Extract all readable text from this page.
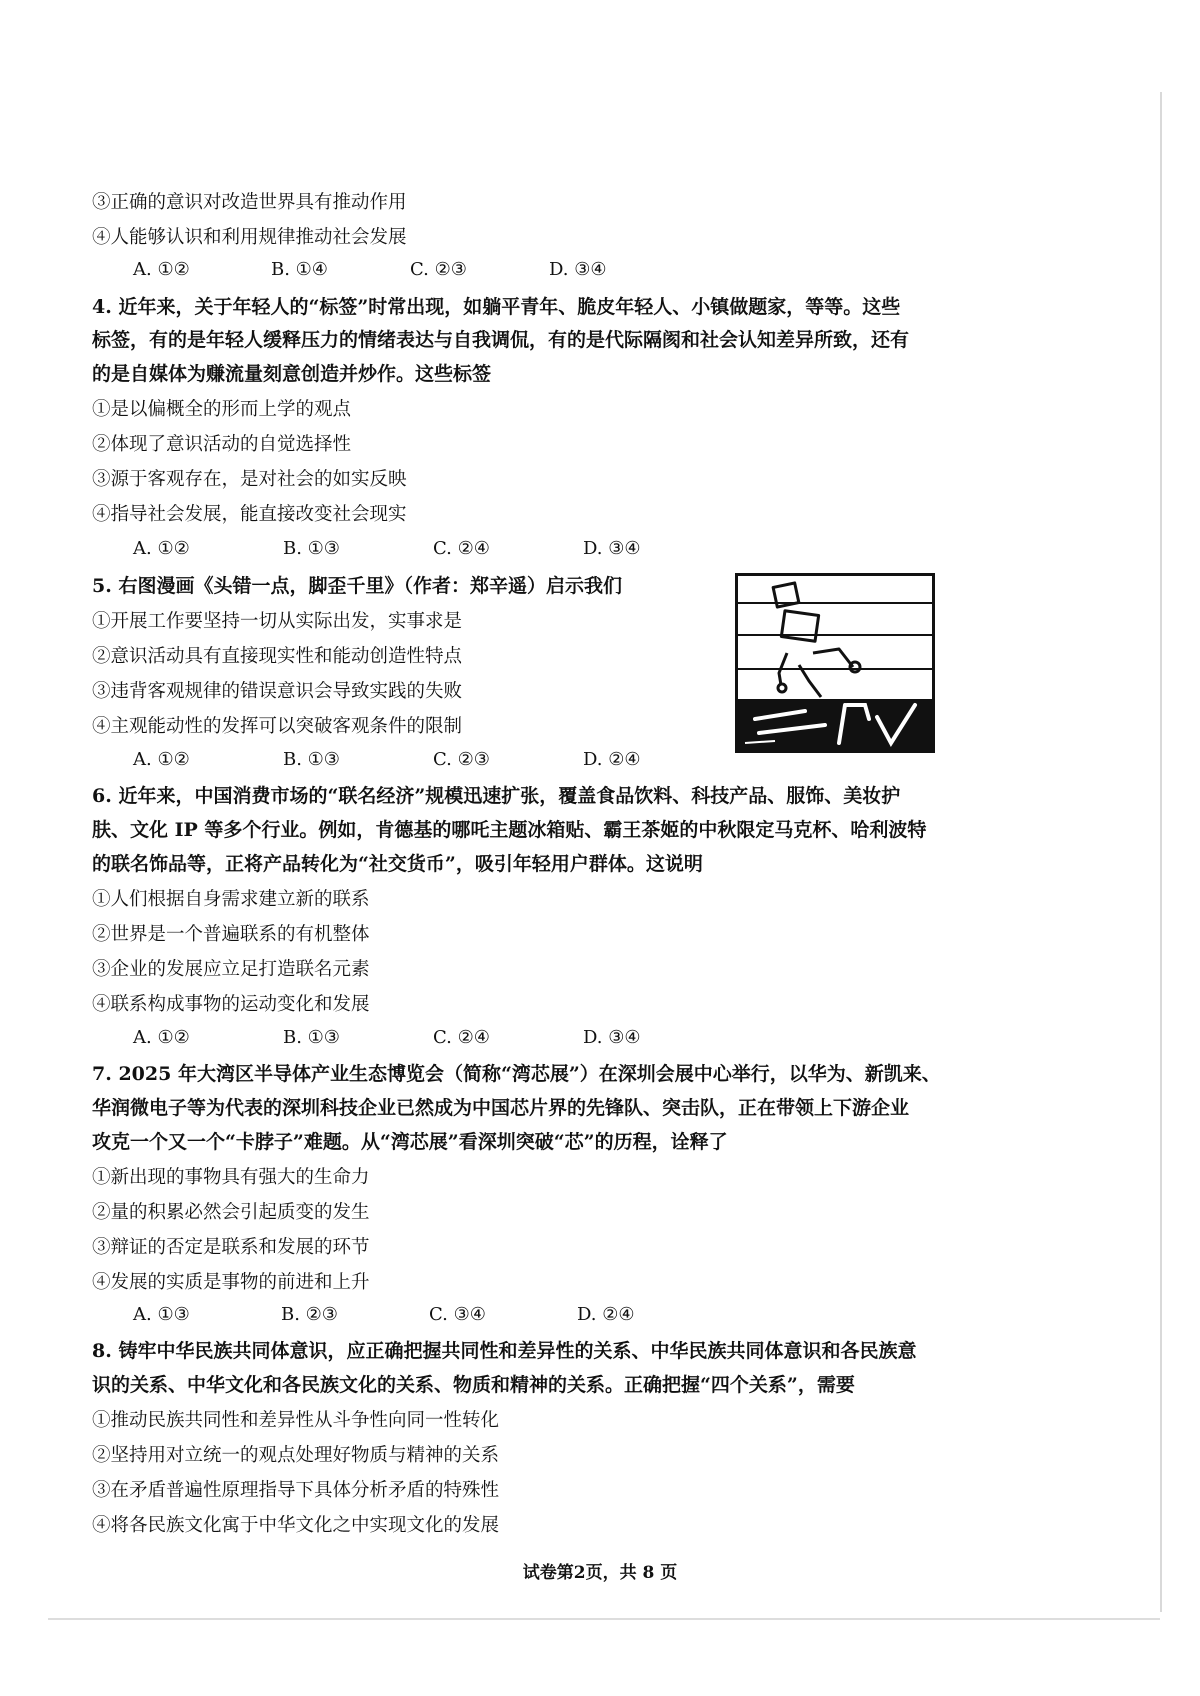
③正确的意识对改造世界具有推动作用
④人能够认识和利用规律推动社会发展
A. ①②	B. ①④	C. ②③	D. ③④
4. 近年来，关于年轻人的“标签”时常出现，如躺平青年、脆皮年轻人、小镇做题家，等等。这些
标签，有的是年轻人缓释压力的情绪表达与自我调侃，有的是代际隔阂和社会认知差异所致，还有
的是自媒体为赚流量刻意创造并炒作。这些标签
①是以偏概全的形而上学的观点
②体现了意识活动的自觉选择性
③源于客观存在，是对社会的如实反映
④指导社会发展，能直接改变社会现实
A. ①②	B. ①③	C. ②④	D. ③④
5. 右图漫画《头错一点，脚歪千里》（作者：郑辛遥）启示我们
①开展工作要坚持一切从实际出发，实事求是
②意识活动具有直接现实性和能动创造性特点
③违背客观规律的错误意识会导致实践的失败
④主观能动性的发挥可以突破客观条件的限制
A. ①②	B. ①③	C. ②③	D. ②④
6. 近年来，中国消费市场的“联名经济”规模迅速扩张，覆盖食品饮料、科技产品、服饰、美妆护
肤、文化 IP 等多个行业。例如，肯德基的哪吒主题冰箱贴、霸王茶姬的中秋限定马克杯、哈利波特
的联名饰品等，正将产品转化为“社交货币”，吸引年轻用户群体。这说明
①人们根据自身需求建立新的联系
②世界是一个普遍联系的有机整体
③企业的发展应立足打造联名元素
④联系构成事物的运动变化和发展
A. ①②	B. ①③	C. ②④	D. ③④
7. 2025 年大湾区半导体产业生态博览会（简称“湾芯展”）在深圳会展中心举行，以华为、新凯来、
华润微电子等为代表的深圳科技企业已然成为中国芯片界的先锋队、突击队，正在带领上下游企业
攻克一个又一个“卡脖子”难题。从“湾芯展”看深圳突破“芯”的历程，诠释了
①新出现的事物具有强大的生命力
②量的积累必然会引起质变的发生
③辩证的否定是联系和发展的环节
④发展的实质是事物的前进和上升
A. ①③	B. ②③	C. ③④	D. ②④
8. 铸牢中华民族共同体意识，应正确把握共同性和差异性的关系、中华民族共同体意识和各民族意
识的关系、中华文化和各民族文化的关系、物质和精神的关系。正确把握“四个关系”，需要
①推动民族共同性和差异性从斗争性向同一性转化
②坚持用对立统一的观点处理好物质与精神的关系
③在矛盾普遍性原理指导下具体分析矛盾的特殊性
④将各民族文化寓于中华文化之中实现文化的发展
试卷第2页，共 8 页
